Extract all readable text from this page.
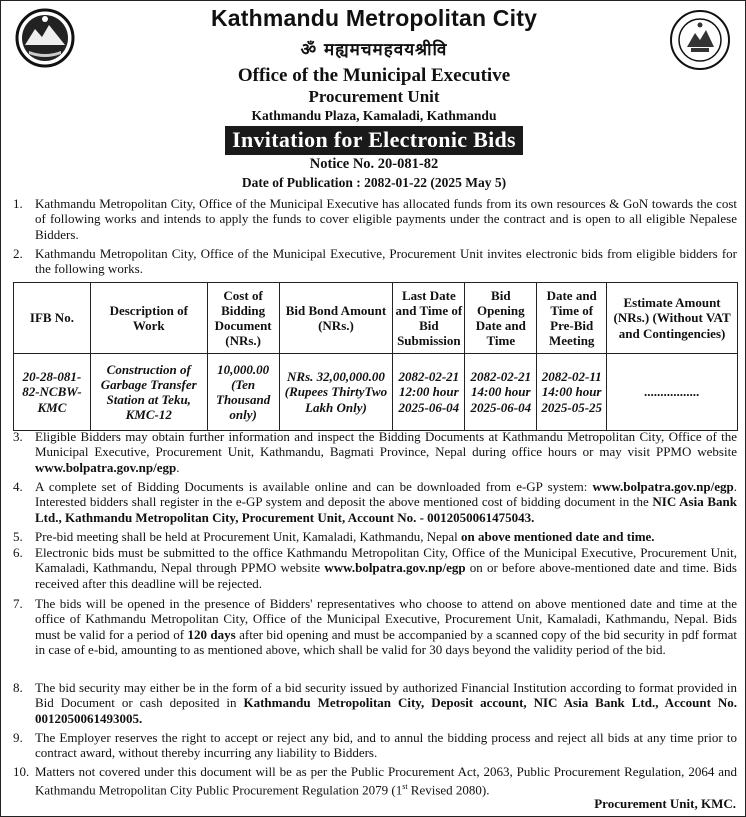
Kathmandu Metropolitan City
ॐ मह्यमचमहवयश्रीवि
Office of the Municipal Executive
Procurement Unit
Kathmandu Plaza, Kamaladi, Kathmandu
Invitation for Electronic Bids
Notice No. 20-081-82
Date of Publication : 2082-01-22 (2025 May 5)
1. Kathmandu Metropolitan City, Office of the Municipal Executive has allocated funds from its own resources & GoN towards the cost of following works and intends to apply the funds to cover eligible payments under the contract and is open to all eligible Nepalese Bidders.
2. Kathmandu Metropolitan City, Office of the Municipal Executive, Procurement Unit invites electronic bids from eligible bidders for the following works.
IFB No.	Description of Work	Cost of Bidding Document (NRs.)	Bid Bond Amount (NRs.)	Last Date and Time of Bid Submission	Bid Opening Date and Time	Date and Time of Pre-Bid Meeting	Estimate Amount (NRs.) (Without VAT and Contingencies)
20-28-081-82-NCBW-KMC	Construction of Garbage Transfer Station at Teku, KMC-12	10,000.00 (Ten Thousand only)	NRs. 32,00,000.00 (Rupees ThirtyTwo Lakh Only)	2082-02-21 12:00 hour 2025-06-04	2082-02-21 14:00 hour 2025-06-04	2082-02-11 14:00 hour 2025-05-25	.................
3. Eligible Bidders may obtain further information and inspect the Bidding Documents at Kathmandu Metropolitan City, Office of the Municipal Executive, Procurement Unit, Kathmandu, Bagmati Province, Nepal during office hours or may visit PPMO website www.bolpatra.gov.np/egp.
4. A complete set of Bidding Documents is available online and can be downloaded from e-GP system: www.bolpatra.gov.np/egp. Interested bidders shall register in the e-GP system and deposit the above mentioned cost of bidding document in the NIC Asia Bank Ltd., Kathmandu Metropolitan City, Procurement Unit, Account No. - 0012050061475043.
5. Pre-bid meeting shall be held at Procurement Unit, Kamaladi, Kathmandu, Nepal on above mentioned date and time.
6. Electronic bids must be submitted to the office Kathmandu Metropolitan City, Office of the Municipal Executive, Procurement Unit, Kamaladi, Kathmandu, Nepal through PPMO website www.bolpatra.gov.np/egp on or before above-mentioned date and time. Bids received after this deadline will be rejected.
7. The bids will be opened in the presence of Bidders' representatives who choose to attend on above mentioned date and time at the office of Kathmandu Metropolitan City, Office of the Municipal Executive, Procurement Unit, Kamaladi, Kathmandu, Nepal. Bids must be valid for a period of 120 days after bid opening and must be accompanied by a scanned copy of the bid security in pdf format in case of e-bid, amounting to as mentioned above, which shall be valid for 30 days beyond the validity period of the bid.
8. The bid security may either be in the form of a bid security issued by authorized Financial Institution according to format provided in Bid Document or cash deposited in Kathmandu Metropolitan City, Deposit account, NIC Asia Bank Ltd., Account No. 0012050061493005.
9. The Employer reserves the right to accept or reject any bid, and to annul the bidding process and reject all bids at any time prior to contract award, without thereby incurring any liability to Bidders.
10. Matters not covered under this document will be as per the Public Procurement Act, 2063, Public Procurement Regulation, 2064 and Kathmandu Metropolitan City Public Procurement Regulation 2079 (1st Revised 2080).
Procurement Unit, KMC.
